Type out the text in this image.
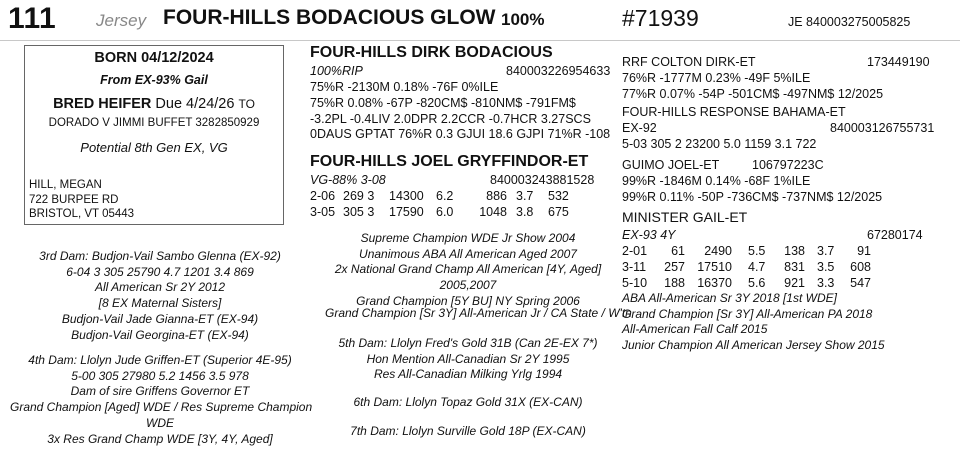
111 Jersey FOUR-HILLS BODACIOUS GLOW 100%	#71939	JE 840003275005825
BORN 04/12/2024
From EX-93% Gail
BRED HEIFER Due 4/24/26 TO
DORADO V JIMMI BUFFET 3282850929
Potential 8th Gen EX, VG
HILL, MEGAN
722 BURPEE RD
BRISTOL, VT 05443
FOUR-HILLS DIRK BODACIOUS
100%RIP	840003226954633
75%R -2130M 0.18% -76F 0%ILE
75%R 0.08% -67P -820CM$ -810NM$ -791FM$
-3.2PL -0.4LIV 2.0DPR 2.2CCR -0.7HCR 3.27SCS
0DAUS GPTAT 76%R 0.3 GJUI 18.6 GJPI 71%R -108
FOUR-HILLS JOEL GRYFFINDOR-ET
VG-88% 3-08	840003243881528
2-06	269 3	14300	6.2	886	3.7	532
3-05	305 3	17590	6.0	1048	3.8	675
RRF COLTON DIRK-ET	173449190
76%R -1777M 0.23% -49F 5%ILE
77%R 0.07% -54P -501CM$ -497NM$ 12/2025
FOUR-HILLS RESPONSE BAHAMA-ET
EX-92	840003126755731
5-03 305 2 23200 5.0 1159 3.1 722
GUIMO JOEL-ET	106797223C
99%R -1846M 0.14% -68F 1%ILE
99%R 0.11% -50P -736CM$ -737NM$ 12/2025
MINISTER GAIL-ET
EX-93 4Y	67280174
2-01	61	2490	5.5	138	3.7	91
3-11	257	17510	4.7	831	3.5	608
5-10	188	16370	5.6	921	3.3	547
ABA All-American Sr 3Y 2018 [1st WDE]
Grand Champion [Sr 3Y] All-American PA 2018
All-American Fall Calf 2015
Junior Champion All American Jersey Show 2015
Supreme Champion WDE Jr Show 2004
Unanimous ABA All American Aged 2007
2x National Grand Champ All American [4Y, Aged]
2005,2007
Grand Champion [5Y BU] NY Spring 2006
Grand Champion [Sr 3Y] All-American Jr / CA State / W'tn
5th Dam: Llolyn Fred's Gold 31B (Can 2E-EX 7*)
Hon Mention All-Canadian Sr 2Y 1995
Res All-Canadian Milking Yrlg 1994
6th Dam: Llolyn Topaz Gold 31X (EX-CAN)
7th Dam: Llolyn Surville Gold 18P (EX-CAN)
3rd Dam: Budjon-Vail Sambo Glenna (EX-92)
6-04 3 305 25790 4.7 1201 3.4 869
All American Sr 2Y 2012
[8 EX Maternal Sisters]
Budjon-Vail Jade Gianna-ET (EX-94)
Budjon-Vail Georgina-ET (EX-94)
4th Dam: Llolyn Jude Griffen-ET (Superior 4E-95)
5-00 305 27980 5.2 1456 3.5 978
Dam of sire Griffens Governor ET
Grand Champion [Aged] WDE / Res Supreme Champion
WDE
3x Res Grand Champ WDE [3Y, 4Y, Aged]
